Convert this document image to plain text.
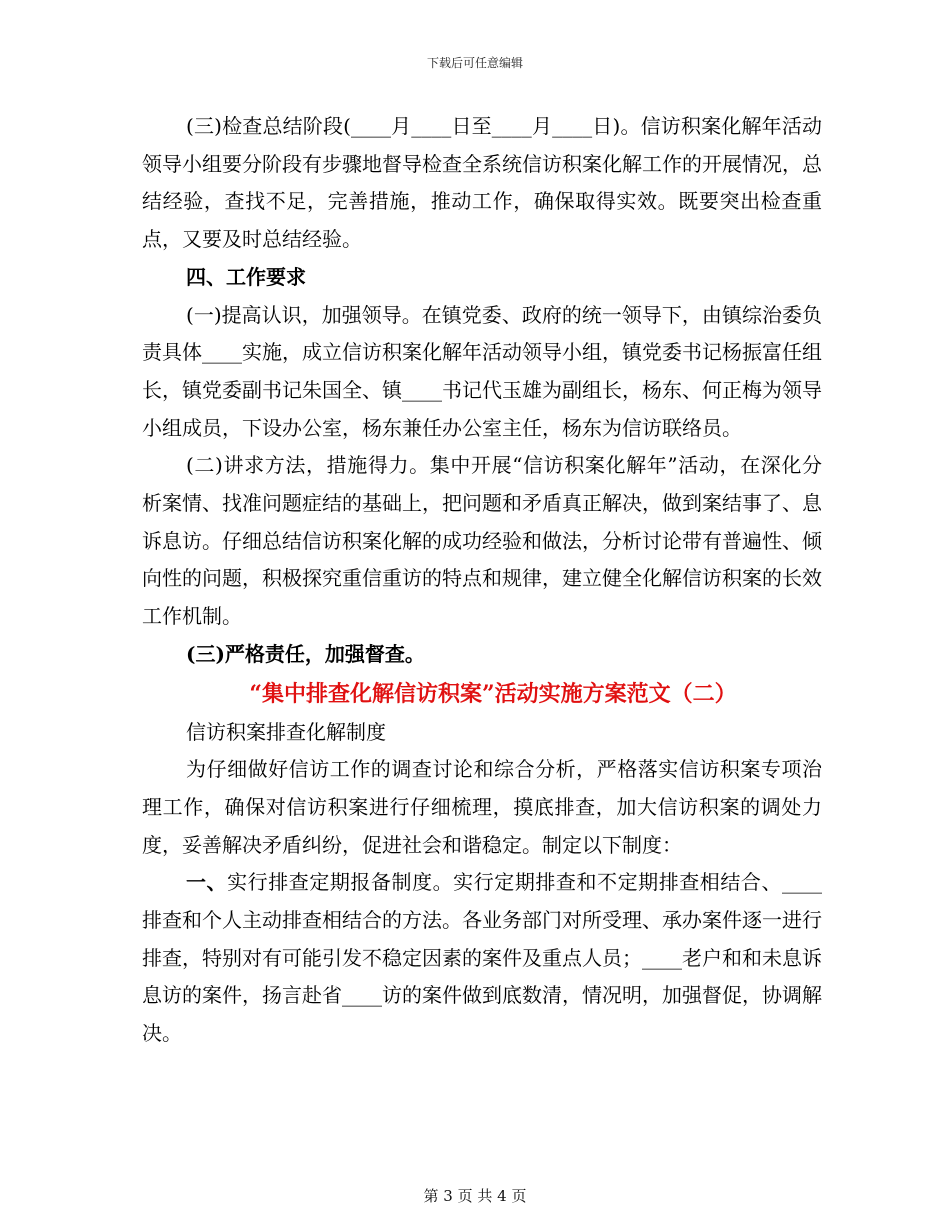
下载后可任意编辑

(三)检查总结阶段(____月____日至____月____日)。信访积案化解年活动领导小组要分阶段有步骤地督导检查全系统信访积案化解工作的开展情况，总结经验，查找不足，完善措施，推动工作，确保取得实效。既要突出检查重点，又要及时总结经验。

四、工作要求

(一)提高认识，加强领导。在镇党委、政府的统一领导下，由镇综治委负责具体____实施，成立信访积案化解年活动领导小组，镇党委书记杨振富任组长，镇党委副书记朱国全、镇____书记代玉雄为副组长，杨东、何正梅为领导小组成员，下设办公室，杨东兼任办公室主任，杨东为信访联络员。

(二)讲求方法，措施得力。集中开展“信访积案化解年”活动，在深化分析案情、找准问题症结的基础上，把问题和矛盾真正解决，做到案结事了、息诉息访。仔细总结信访积案化解的成功经验和做法，分析讨论带有普遍性、倾向性的问题，积极探究重信重访的特点和规律，建立健全化解信访积案的长效工作机制。

(三)严格责任，加强督查。

“集中排查化解信访积案”活动实施方案范文（二）

信访积案排查化解制度

为仔细做好信访工作的调查讨论和综合分析，严格落实信访积案专项治理工作，确保对信访积案进行仔细梳理，摸底排查，加大信访积案的调处力度，妥善解决矛盾纠纷，促进社会和谐稳定。制定以下制度：

一、实行排查定期报备制度。实行定期排查和不定期排查相结合、____排查和个人主动排查相结合的方法。各业务部门对所受理、承办案件逐一进行排查，特别对有可能引发不稳定因素的案件及重点人员；____老户和和未息诉息访的案件，扬言赴省____访的案件做到底数清，情况明，加强督促，协调解决。

第 3 页 共 4 页
